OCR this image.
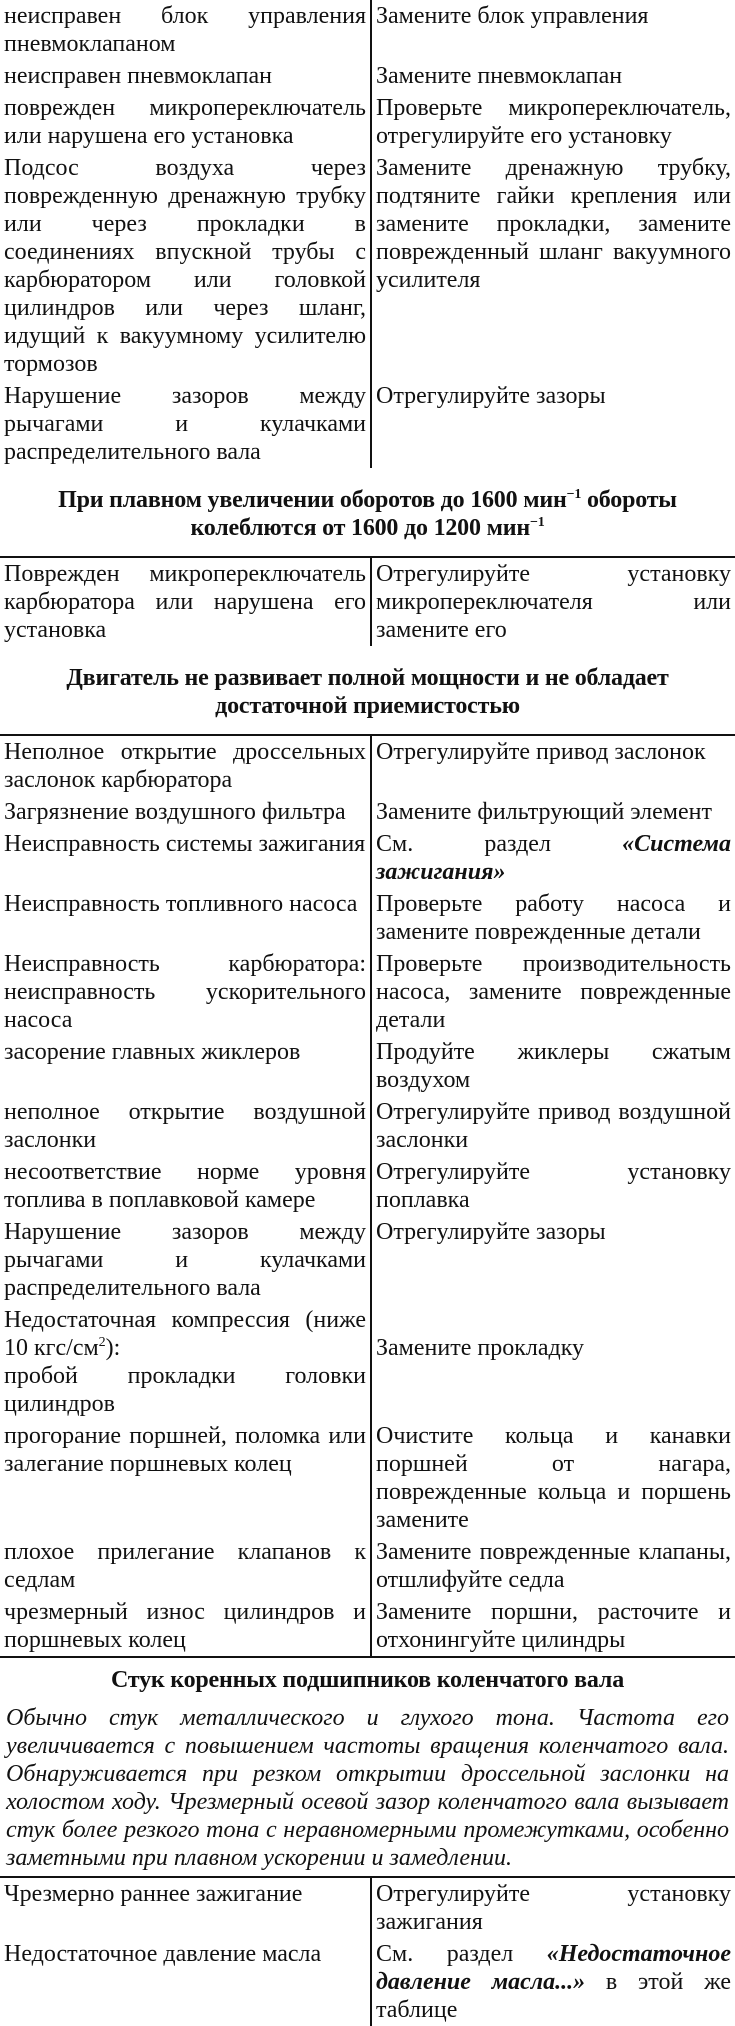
неисправен блок управления пневмоклапаном	Замените блок управления
неисправен пневмоклапан	Замените пневмоклапан
поврежден микропереключатель или нарушена его установка	Проверьте микропереключатель, отрегулируйте его установку
Подсос воздуха через поврежденную дренажную трубку или через прокладки в соединениях впускной трубы с карбюратором или головкой цилиндров или через шланг, идущий к вакуумному усилителю тормозов	Замените дренажную трубку, подтяните гайки крепления или замените прокладки, замените поврежденный шланг вакуумного усилителя
Нарушение зазоров между рычагами и кулачками распределительного вала	Отрегулируйте зазоры
При плавном увеличении оборотов до 1600 мин$^{-1}$ обороты колеблются от 1600 до 1200 мин$^{-1}$
Поврежден микропереключатель карбюратора или нарушена его установка	Отрегулируйте установку микропереключателя или замените его
Двигатель не развивает полной мощности и не обладает достаточной приемистостью	
Неполное открытие дроссельных заслонок карбюратора	Отрегулируйте привод заслонок
Загрязнение воздушного фильтра	Замените фильтрующий элемент
Неисправность системы зажигания	См. раздел «Система зажигания»
Неисправность топливного насоса	Проверьте работу насоса и замените поврежденные детали
Неисправность карбюратора: неисправность ускорительного насоса	Проверьте производительность насоса, замените поврежденные детали
засорение главных жиклеров	Продуйте жиклеры сжатым воздухом
неполное открытие воздушной заслонки	Отрегулируйте привод воздушной заслонки
несоответствие норме уровня топлива в поплавковой камере	Отрегулируйте установку поплавка
Нарушение зазоров между рычагами и кулачками распределительного вала	Отрегулируйте зазоры
Недостаточная компрессия (ниже 10 кгс/$см^2$):
пробой прокладки головки цилиндров	Замените прокладку
прогорание поршней, поломка или залегание поршневых колец	Очистите кольца и канавки поршней от нагара, поврежденные кольца и поршень замените
плохое прилегание клапанов к седлам	Замените поврежденные клапаны, отшлифуйте седла
чрезмерный износ цилиндров и поршневых колец	Замените поршни, расточите и отхонингуйте цилиндры
Стук коренных подшипников коленчатого вала	
Обычно стук металлического и глухого тона. Частота его увеличивается с повышением частоты вращения коленчатого вала. Обнаруживается при резком открытии дроссельной заслонки на холостом ходу. Чрезмерный осевой зазор коленчатого вала вызывает стук более резкого тона с неравномерными промежутками, особенно заметными при плавном ускорении и замедлении.	
Чрезмерно раннее зажигание	Отрегулируйте установку зажигания
Недостаточное давление масла	См. раздел «Недостаточное давление масла...» в этой же таблице
